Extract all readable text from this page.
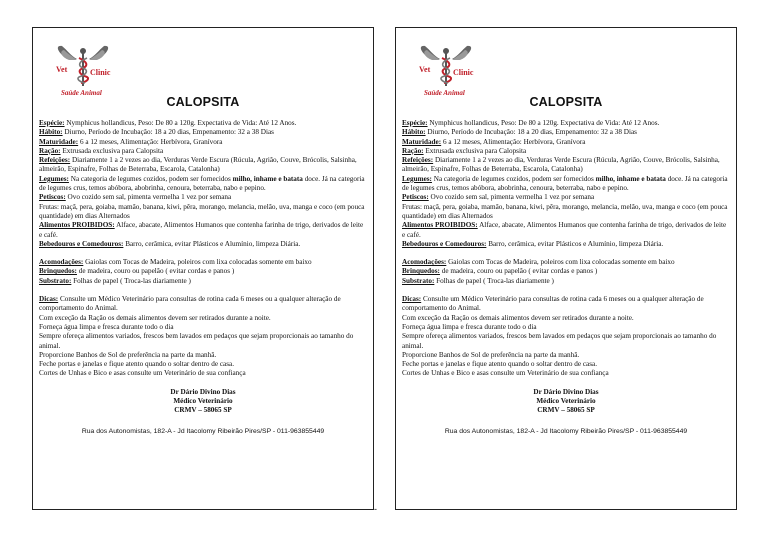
Vet	Clinic
Saúde Animal
CALOPSITA

Espécie: Nymphicus hollandicus, Peso: De 80 a 120g. Expectativa de Vida: Até 12 Anos.

Hábito: Diurno, Período de Incubação: 18 a 20 dias, Empenamento: 32 a 38 Dias

Maturidade: 6 a 12 meses, Alimentação: Herbívora, Granívora

Ração: Extrusada exclusiva para Calopsita

Refeições: Diariamente 1 a 2 vezes ao dia, Verduras Verde Escura (Rúcula, Agrião, Couve, Brócolis, Salsinha, almeirão, Espinafre, Folhas de Beterraba, Escarola, Catalonha)

Legumes: Na categoria de legumes cozidos, podem ser fornecidos milho, inhame e batata doce. Já na categoria de legumes crus, temos abóbora, abobrinha, cenoura, beterraba, nabo e pepino.

Petiscos: Ovo cozido sem sal, pimenta vermelha 1 vez por semana

Frutas: maçã, pera, goiaba, mamão, banana, kiwi, pêra, morango, melancia, melão, uva, manga e coco (em pouca quantidade) em dias Alternados

Alimentos PROIBIDOS: Alface, abacate, Alimentos Humanos que contenha farinha de trigo, derivados de leite e café.

Bebedouros e Comedouros: Barro, cerâmica, evitar Plásticos e Alumínio, limpeza Diária.

Acomodações: Gaiolas com Tocas de Madeira, poleiros com lixa colocadas somente em baixo

Brinquedos: de madeira, couro ou papelão ( evitar cordas e panos )

Substrato: Folhas de papel ( Troca-las diariamente )

Dicas: Consulte um Médico Veterinário para consultas de rotina cada 6 meses ou a qualquer alteração de comportamento do Animal.

Com exceção da Ração os demais alimentos devem ser retirados durante a noite.

Forneça água limpa e fresca durante todo o dia

Sempre ofereça alimentos variados, frescos bem lavados em pedaços que sejam proporcionais ao tamanho do animal.

Proporcione Banhos de Sol de preferência na parte da manhã.

Feche portas e janelas e fique atento quando o soltar dentro de casa.

Cortes de Unhas e Bico e asas consulte um Veterinário de sua confiança

Dr Dário Divino Dias
Médico Veterinário
CRMV – 58065 SP
Rua dos Autonomistas, 182-A - Jd Itacolomy Ribeirão Pires/SP - 011-963855449
Vet	Clinic
Saúde Animal
CALOPSITA

Espécie: Nymphicus hollandicus, Peso: De 80 a 120g. Expectativa de Vida: Até 12 Anos.

Hábito: Diurno, Período de Incubação: 18 a 20 dias, Empenamento: 32 a 38 Dias

Maturidade: 6 a 12 meses, Alimentação: Herbívora, Granívora

Ração: Extrusada exclusiva para Calopsita

Refeições: Diariamente 1 a 2 vezes ao dia, Verduras Verde Escura (Rúcula, Agrião, Couve, Brócolis, Salsinha, almeirão, Espinafre, Folhas de Beterraba, Escarola, Catalonha)

Legumes: Na categoria de legumes cozidos, podem ser fornecidos milho, inhame e batata doce. Já na categoria de legumes crus, temos abóbora, abobrinha, cenoura, beterraba, nabo e pepino.

Petiscos: Ovo cozido sem sal, pimenta vermelha 1 vez por semana

Frutas: maçã, pera, goiaba, mamão, banana, kiwi, pêra, morango, melancia, melão, uva, manga e coco (em pouca quantidade) em dias Alternados

Alimentos PROIBIDOS: Alface, abacate, Alimentos Humanos que contenha farinha de trigo, derivados de leite e café.

Bebedouros e Comedouros: Barro, cerâmica, evitar Plásticos e Alumínio, limpeza Diária.

Acomodações: Gaiolas com Tocas de Madeira, poleiros com lixa colocadas somente em baixo

Brinquedos: de madeira, couro ou papelão ( evitar cordas e panos )

Substrato: Folhas de papel ( Troca-las diariamente )

Dicas: Consulte um Médico Veterinário para consultas de rotina cada 6 meses ou a qualquer alteração de comportamento do Animal.

Com exceção da Ração os demais alimentos devem ser retirados durante a noite.

Forneça água limpa e fresca durante todo o dia

Sempre ofereça alimentos variados, frescos bem lavados em pedaços que sejam proporcionais ao tamanho do animal.

Proporcione Banhos de Sol de preferência na parte da manhã.

Feche portas e janelas e fique atento quando o soltar dentro de casa.

Cortes de Unhas e Bico e asas consulte um Veterinário de sua confiança

Dr Dário Divino Dias
Médico Veterinário
CRMV – 58065 SP
Rua dos Autonomistas, 182-A - Jd Itacolomy Ribeirão Pires/SP - 011-963855449
-
